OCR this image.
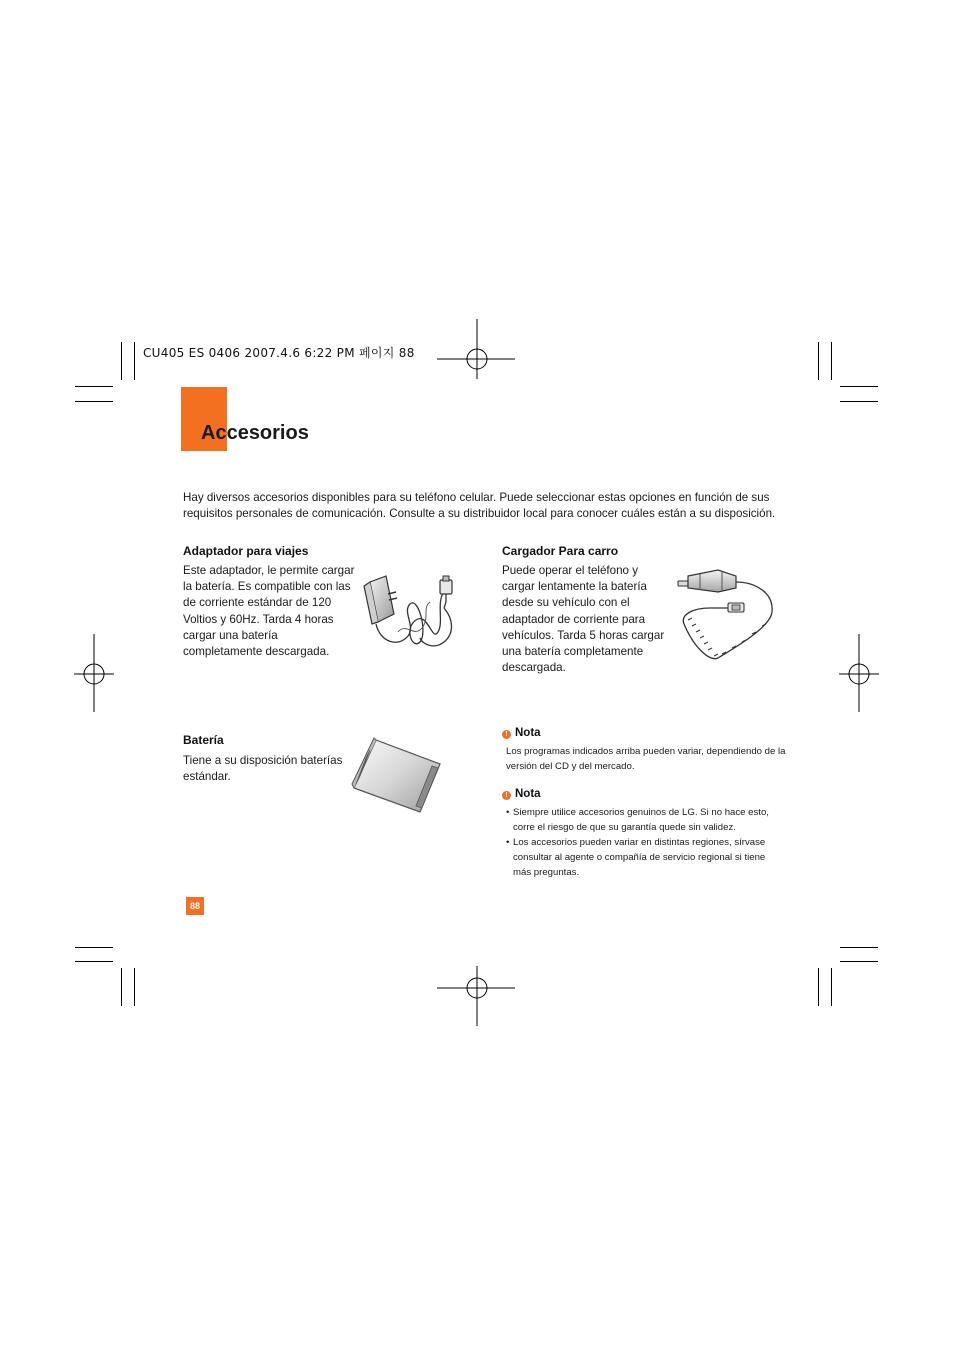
CU405 ES 0406 2007.4.6 6:22 PM 페이지 88
Accesorios
Hay diversos accesorios disponibles para su teléfono celular. Puede seleccionar estas opciones en función de sus requisitos personales de comunicación. Consulte a su distribuidor local para conocer cuáles están a su disposición.
Adaptador para viajes
Este adaptador, le permite cargar la batería. Es compatible con las de corriente estándar de 120 Voltios y 60Hz. Tarda 4 horas cargar una batería completamente descargada.
Cargador Para carro
Puede operar el teléfono y cargar lentamente la batería desde su vehículo con el adaptador de corriente para vehículos. Tarda 5 horas cargar una batería completamente descargada.
Batería
Tiene a su disposición baterías estándar.
! Nota
Los programas indicados arriba pueden variar, dependiendo de la versión del CD y del mercado.
! Nota
• Siempre utilice accesorios genuinos de LG. Si no hace esto, corre el riesgo de que su garantía quede sin validez.
• Los accesorios pueden variar en distintas regiones, sírvase consultar al agente o compañía de servicio regional si tiene más preguntas.
88
